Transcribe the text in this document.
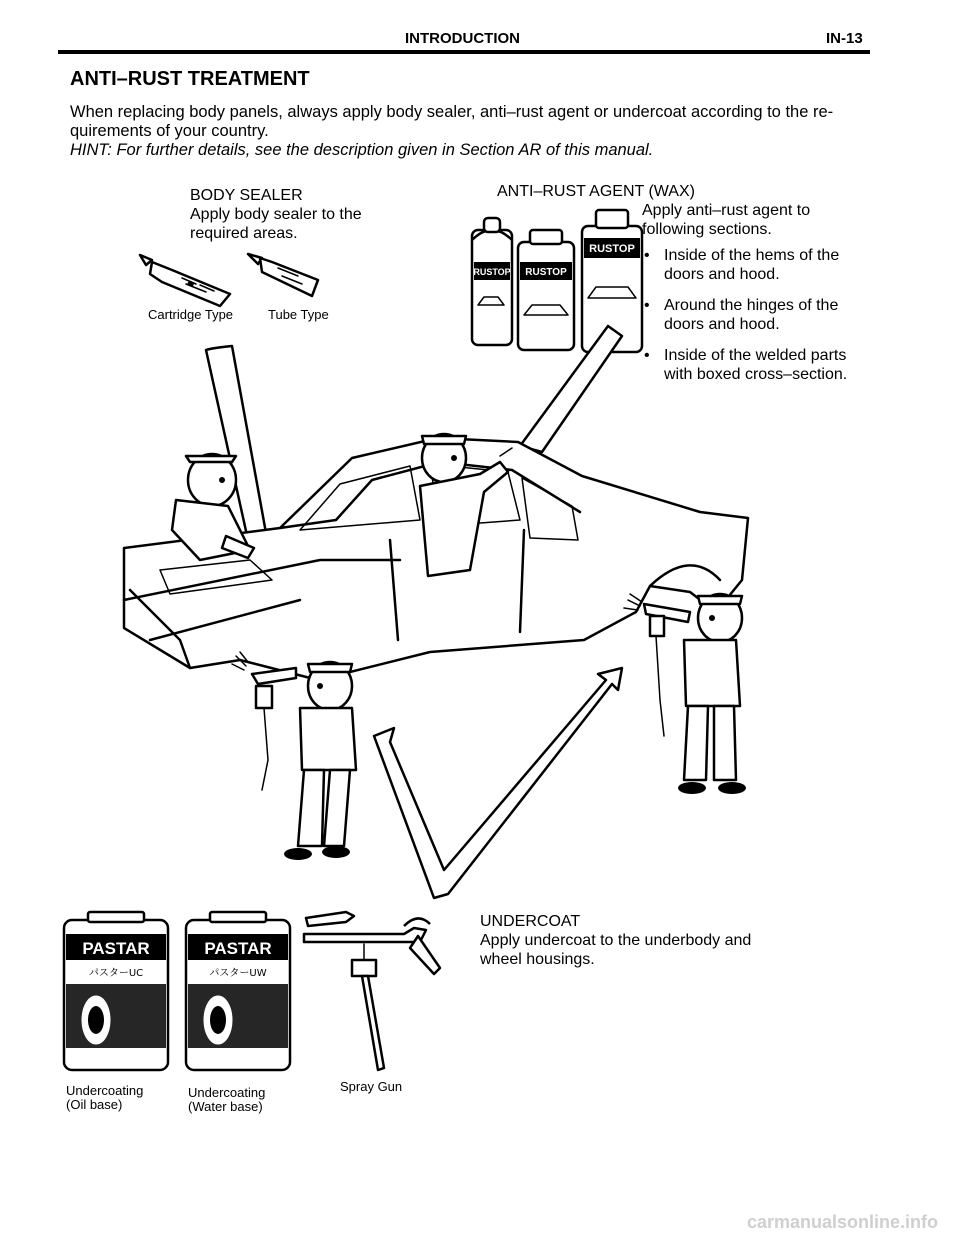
INTRODUCTION	IN-13
ANTI–RUST TREATMENT
When replacing body panels, always apply body sealer, anti–rust agent or undercoat according to the re- quirements of your country.
HINT: For further details, see the description given in Section AR of this manual.
BODY SEALER
Apply body sealer to the
required areas.
Cartridge Type	Tube Type
ANTI–RUST AGENT (WAX)
Apply anti–rust agent to
following sections.
• Inside of the hems of the
doors and hood.
• Around the hinges of the
doors and hood.
• Inside of the welded parts
with boxed cross–section.
UNDERCOAT
Apply undercoat to the underbody and
wheel housings.
Undercoating
(Oil base)
Undercoating
(Water base)
Spray Gun
RUSTOP RUSTOP
RUSTOP
PASTAR
パスターUC
PASTAR
パスターUW
carmanualsonline.info
